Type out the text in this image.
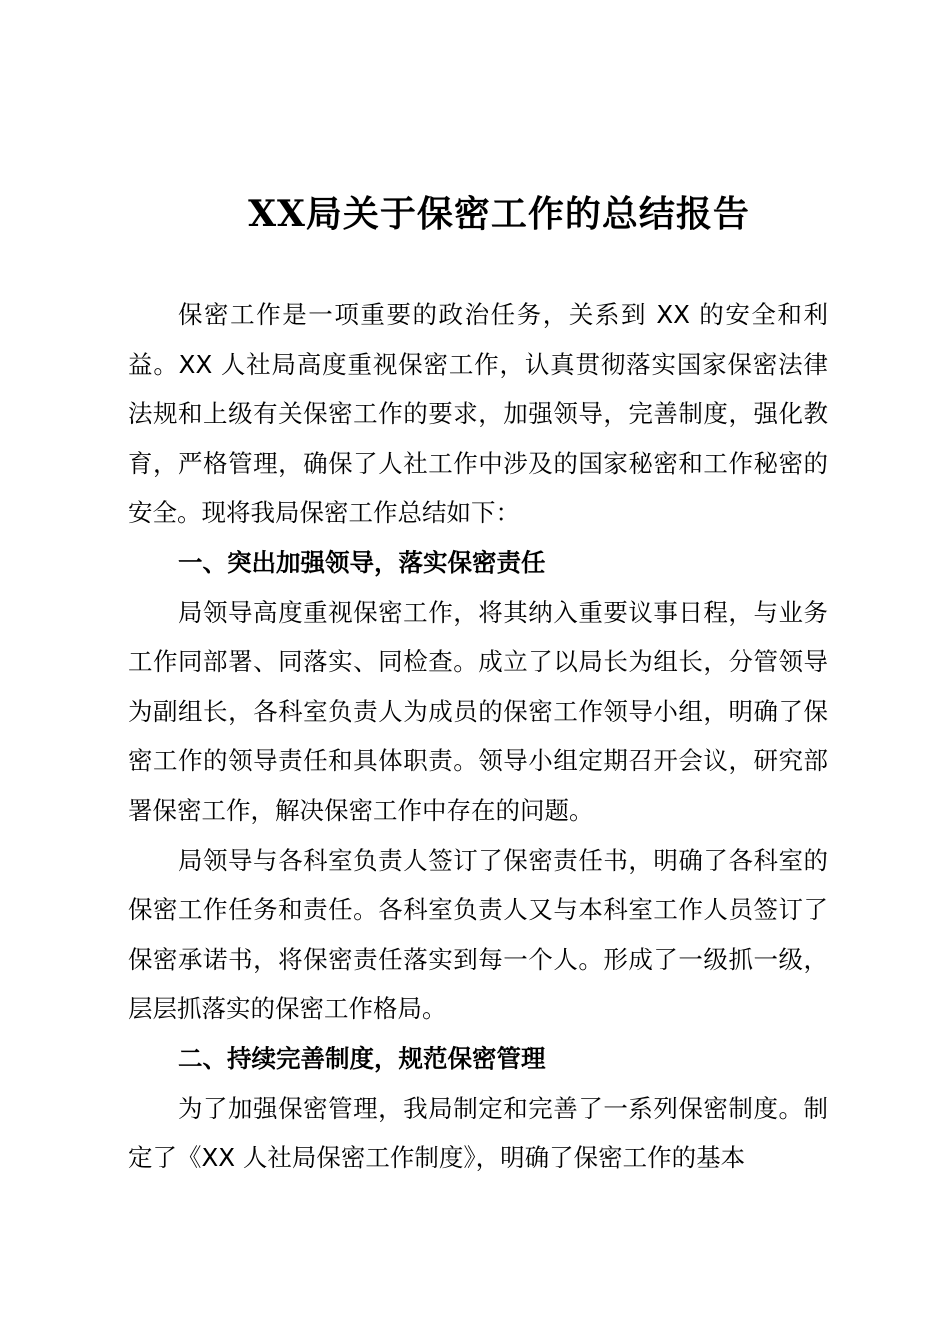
XX局关于保密工作的总结报告

保密工作是一项重要的政治任务，关系到 XX 的安全和利益。XX 人社局高度重视保密工作，认真贯彻落实国家保密法律法规和上级有关保密工作的要求，加强领导，完善制度，强化教育，严格管理，确保了人社工作中涉及的国家秘密和工作秘密的安全。现将我局保密工作总结如下：

一、突出加强领导，落实保密责任

局领导高度重视保密工作，将其纳入重要议事日程，与业务工作同部署、同落实、同检查。成立了以局长为组长，分管领导为副组长，各科室负责人为成员的保密工作领导小组，明确了保密工作的领导责任和具体职责。领导小组定期召开会议，研究部署保密工作，解决保密工作中存在的问题。

局领导与各科室负责人签订了保密责任书，明确了各科室的保密工作任务和责任。各科室负责人又与本科室工作人员签订了保密承诺书，将保密责任落实到每一个人。形成了一级抓一级，层层抓落实的保密工作格局。

二、持续完善制度，规范保密管理

为了加强保密管理，我局制定和完善了一系列保密制度。制定了《XX 人社局保密工作制度》，明确了保密工作的基本
